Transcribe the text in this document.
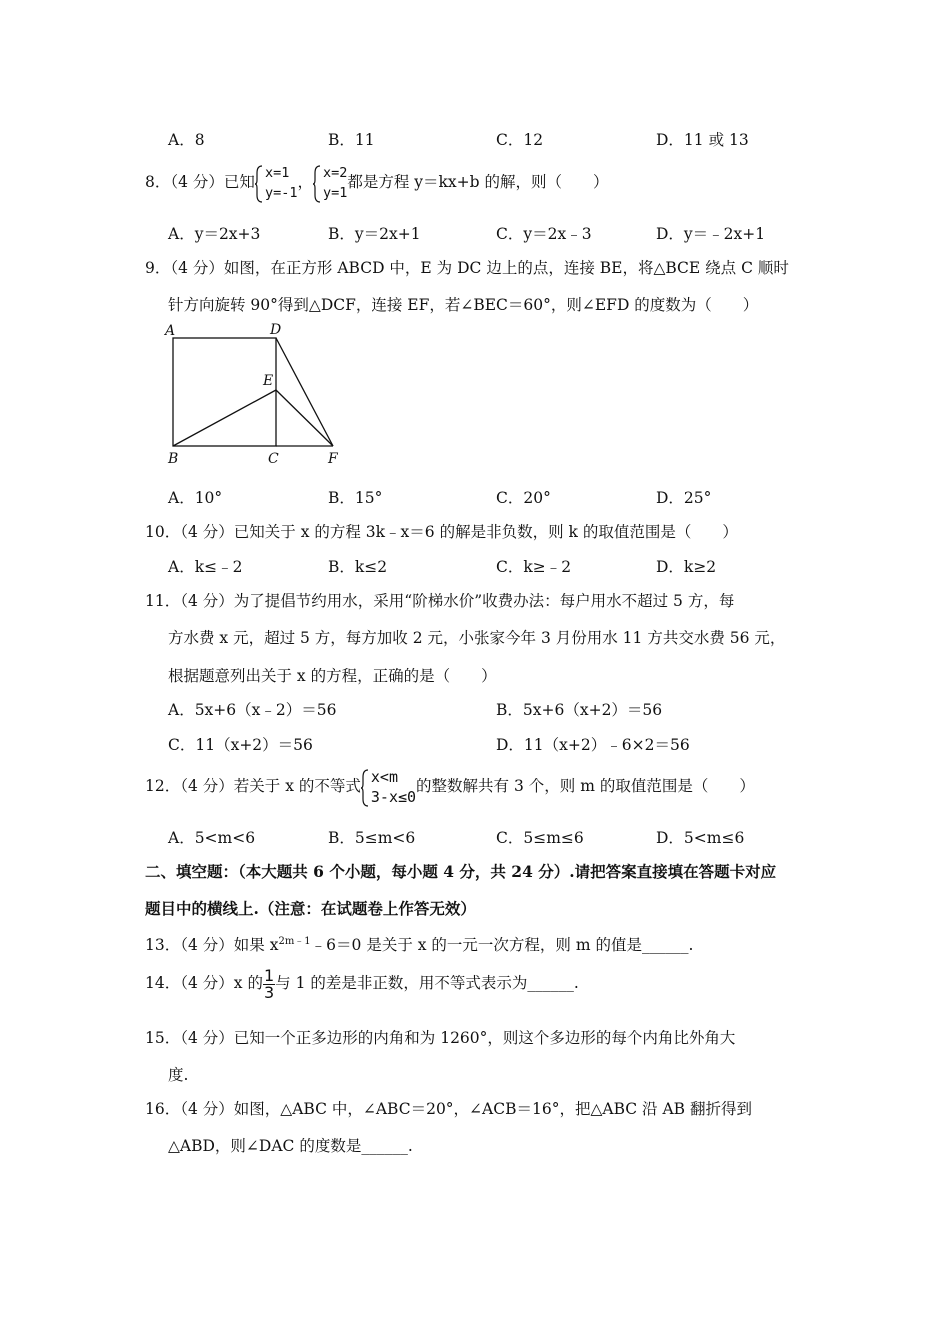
A．8	B．11	C．12	D．11 或 13
8．（4 分）已知 x=1
y=-1
， x=2
y=1
都是方程 y＝kx+b 的解，则（　　）
A．y＝2x+3	B．y＝2x+1	C．y＝2x﹣3	D．y＝﹣2x+1
9．（4 分）如图，在正方形 ABCD 中，E 为 DC 边上的点，连接 BE，将△BCE 绕点 C 顺时
针方向旋转 90°得到△DCF，连接 EF，若∠BEC＝60°，则∠EFD 的度数为（　　）
A	D
E
B	C	F
A．10°	B．15°	C．20°	D．25°
10．（4 分）已知关于 x 的方程 3k﹣x＝6 的解是非负数，则 k 的取值范围是（　　）
A．k≤﹣2	B．k≤2	C．k≥﹣2	D．k≥2
11．（4 分）为了提倡节约用水，采用“阶梯水价”收费办法：每户用水不超过 5 方，每
方水费 x 元，超过 5 方，每方加收 2 元，小张家今年 3 月份用水 11 方共交水费 56 元，
根据题意列出关于 x 的方程，正确的是（　　）
A．5x+6（x﹣2）＝56	B．5x+6（x+2）＝56
C．11（x+2）＝56	D．11（x+2）﹣6×2＝56
12．（4 分）若关于 x 的不等式 x<m
3-x≤0
的整数解共有 3 个，则 m 的取值范围是（　　）
A．5<m<6	B．5≤m<6	C．5≤m≤6	D．5<m≤6
二、填空题：（本大题共 6 个小题，每小题 4 分，共 24 分）.请把答案直接填在答题卡对应
题目中的横线上.（注意：在试题卷上作答无效）
13．（4 分）如果 $x^{2m﹣1}﹣6=0$ 是关于 x 的一元一次方程，则 m 的值是______.
14．（4 分）x 的 $\frac{1}{3}$ 与 1 的差是非正数，用不等式表示为______.
15．（4 分）已知一个正多边形的内角和为 1260°，则这个多边形的每个内角比外角大
度.
16．（4 分）如图，△ABC 中，∠ABC＝20°，∠ACB＝16°，把△ABC 沿 AB 翻折得到
△ABD，则∠DAC 的度数是______.
